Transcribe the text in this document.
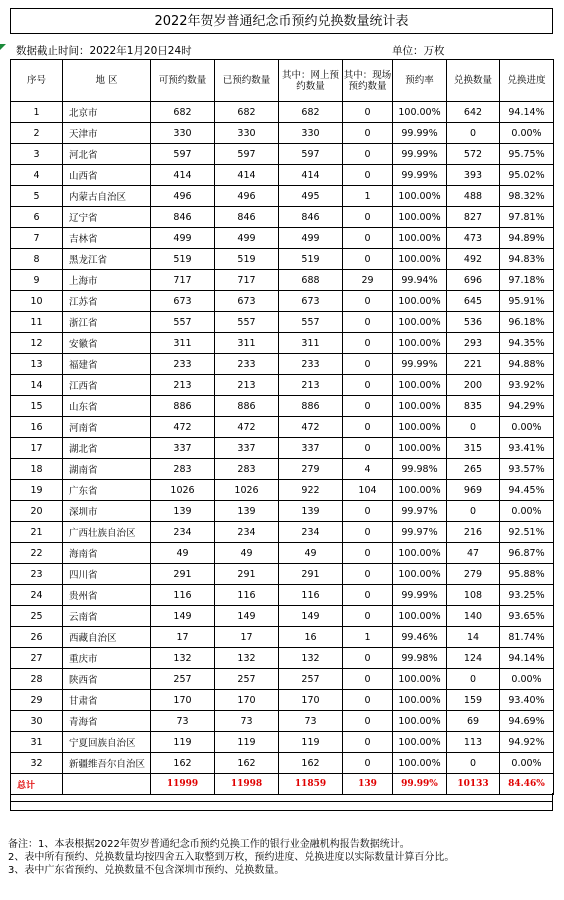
2022年贺岁普通纪念币预约兑换数量统计表
数据截止时间：2022年1月20日24时	单位：万枚
序号	地 区	可预约数量	已预约数量	其中：网上预约数量	其中：现场预约数量	预约率	兑换数量	兑换进度
1	北京市	682	682	682	0	100.00%	642	94.14%
2	天津市	330	330	330	0	99.99%	0	0.00%
3	河北省	597	597	597	0	99.99%	572	95.75%
4	山西省	414	414	414	0	99.99%	393	95.02%
5	内蒙古自治区	496	496	495	1	100.00%	488	98.32%
6	辽宁省	846	846	846	0	100.00%	827	97.81%
7	吉林省	499	499	499	0	100.00%	473	94.89%
8	黑龙江省	519	519	519	0	100.00%	492	94.83%
9	上海市	717	717	688	29	99.94%	696	97.18%
10	江苏省	673	673	673	0	100.00%	645	95.91%
11	浙江省	557	557	557	0	100.00%	536	96.18%
12	安徽省	311	311	311	0	100.00%	293	94.35%
13	福建省	233	233	233	0	99.99%	221	94.88%
14	江西省	213	213	213	0	100.00%	200	93.92%
15	山东省	886	886	886	0	100.00%	835	94.29%
16	河南省	472	472	472	0	100.00%	0	0.00%
17	湖北省	337	337	337	0	100.00%	315	93.41%
18	湖南省	283	283	279	4	99.98%	265	93.57%
19	广东省	1026	1026	922	104	100.00%	969	94.45%
20	深圳市	139	139	139	0	99.97%	0	0.00%
21	广西壮族自治区	234	234	234	0	99.97%	216	92.51%
22	海南省	49	49	49	0	100.00%	47	96.87%
23	四川省	291	291	291	0	100.00%	279	95.88%
24	贵州省	116	116	116	0	99.99%	108	93.25%
25	云南省	149	149	149	0	100.00%	140	93.65%
26	西藏自治区	17	17	16	1	99.46%	14	81.74%
27	重庆市	132	132	132	0	99.98%	124	94.14%
28	陕西省	257	257	257	0	100.00%	0	0.00%
29	甘肃省	170	170	170	0	100.00%	159	93.40%
30	青海省	73	73	73	0	100.00%	69	94.69%
31	宁夏回族自治区	119	119	119	0	100.00%	113	94.92%
32	新疆维吾尔自治区	162	162	162	0	100.00%	0	0.00%
总计		11999	11998	11859	139	99.99%	10133	84.46%
备注：1、本表根据2022年贺岁普通纪念币预约兑换工作的银行业金融机构报告数据统计。
2、表中所有预约、兑换数量均按四舍五入取整到万枚，预约进度、兑换进度以实际数量计算百分比。
3、表中广东省预约、兑换数量不包含深圳市预约、兑换数量。
